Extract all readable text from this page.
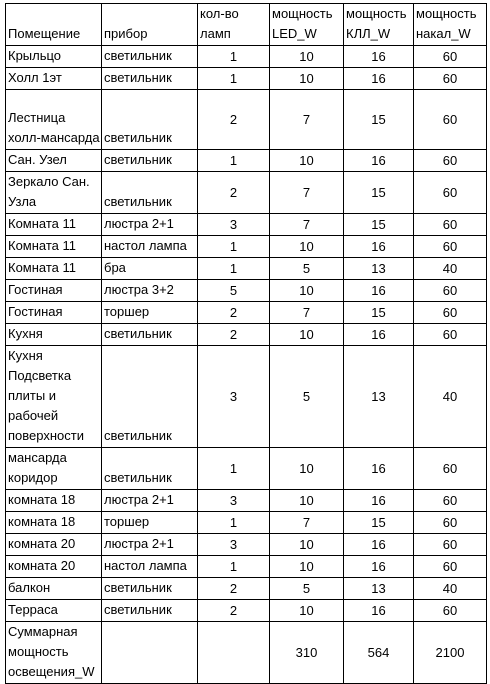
Помещение	прибор	кол-во ламп	мощность LED_W	мощность КЛЛ_W	мощность накал_W
Крыльцо	светильник	1	10	16	60
Холл 1эт	светильник	1	10	16	60
Лестница холл-мансарда	светильник	2	7	15	60
Сан. Узел	светильник	1	10	16	60
Зеркало Сан. Узла	светильник	2	7	15	60
Комната 11	люстра 2+1	3	7	15	60
Комната 11	настол лампа	1	10	16	60
Комната 11	бра	1	5	13	40
Гостиная	люстра 3+2	5	10	16	60
Гостиная	торшер	2	7	15	60
Кухня	светильник	2	10	16	60
Кухня Подсветка плиты и рабочей поверхности	светильник	3	5	13	40
мансарда коридор	светильник	1	10	16	60
комната 18	люстра 2+1	3	10	16	60
комната 18	торшер	1	7	15	60
комната 20	люстра 2+1	3	10	16	60
комната 20	настол лампа	1	10	16	60
балкон	светильник	2	5	13	40
Терраса	светильник	2	10	16	60
Суммарная мощность освещения_W			310	564	2100
